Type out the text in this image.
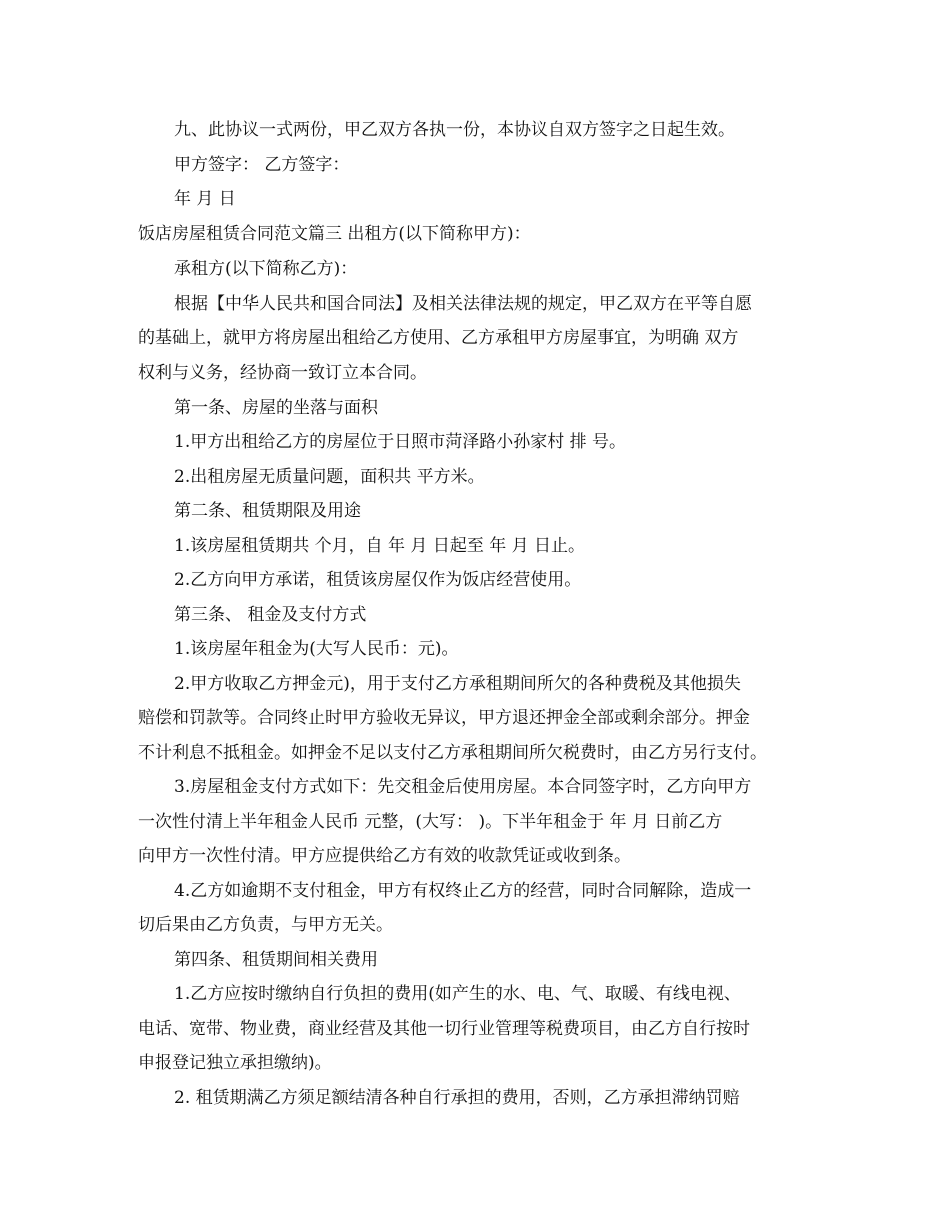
九、此协议一式两份，甲乙双方各执一份，本协议自双方签字之日起生效。
甲方签字： 乙方签字：
年 月 日
饭店房屋租赁合同范文篇三 出租方(以下简称甲方)：
承租方(以下简称乙方)：
根据【中华人民共和国合同法】及相关法律法规的规定，甲乙双方在平等自愿
的基础上，就甲方将房屋出租给乙方使用、乙方承租甲方房屋事宜，为明确 双方
权利与义务，经协商一致订立本合同。
第一条、房屋的坐落与面积
1.甲方出租给乙方的房屋位于日照市菏泽路小孙家村 排 号。
2.出租房屋无质量问题，面积共 平方米。
第二条、租赁期限及用途
1.该房屋租赁期共 个月，自 年 月 日起至 年 月 日止。
2.乙方向甲方承诺，租赁该房屋仅作为饭店经营使用。
第三条、 租金及支付方式
1.该房屋年租金为(大写人民币：元)。
2.甲方收取乙方押金元)，用于支付乙方承租期间所欠的各种费税及其他损失
赔偿和罚款等。合同终止时甲方验收无异议，甲方退还押金全部或剩余部分。押金
不计利息不抵租金。如押金不足以支付乙方承租期间所欠税费时，由乙方另行支付。
3.房屋租金支付方式如下：先交租金后使用房屋。本合同签字时，乙方向甲方
一次性付清上半年租金人民币 元整，(大写： )。下半年租金于 年 月 日前乙方
向甲方一次性付清。甲方应提供给乙方有效的收款凭证或收到条。
4.乙方如逾期不支付租金，甲方有权终止乙方的经营，同时合同解除，造成一
切后果由乙方负责，与甲方无关。
第四条、租赁期间相关费用
1.乙方应按时缴纳自行负担的费用(如产生的水、电、气、取暖、有线电视、
电话、宽带、物业费，商业经营及其他一切行业管理等税费项目，由乙方自行按时
申报登记独立承担缴纳)。
2. 租赁期满乙方须足额结清各种自行承担的费用，否则，乙方承担滞纳罚赔
